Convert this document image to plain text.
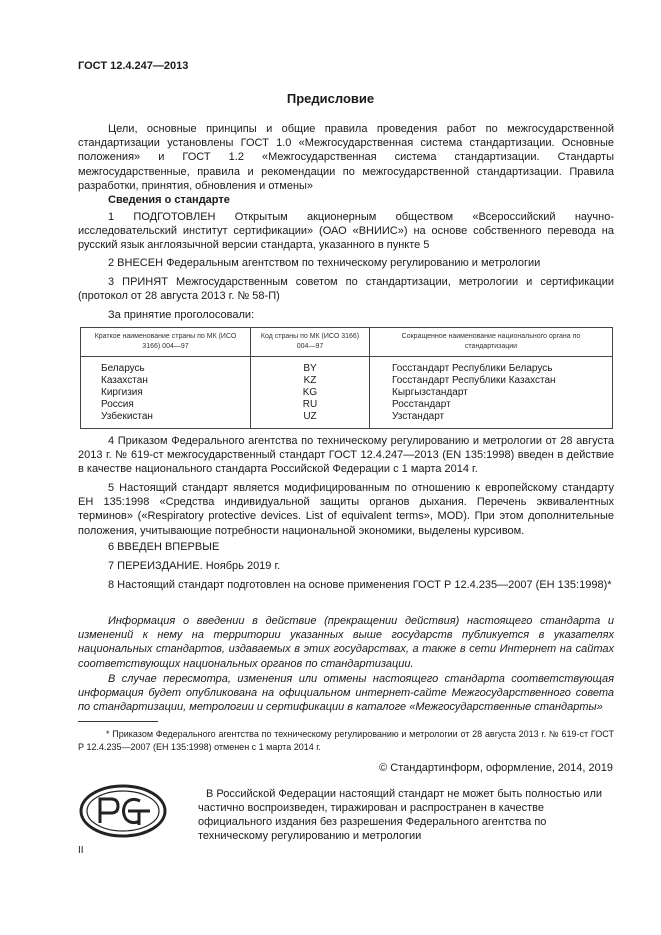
ГОСТ 12.4.247—2013
Предисловие
Цели, основные принципы и общие правила проведения работ по межгосударственной стандартизации установлены ГОСТ 1.0 «Межгосударственная система стандартизации. Основные положения» и ГОСТ 1.2 «Межгосударственная система стандартизации. Стандарты межгосударственные, правила и рекомендации по межгосударственной стандартизации. Правила разработки, принятия, обновления и отмены»
Сведения о стандарте
1 ПОДГОТОВЛЕН Открытым акционерным обществом «Всероссийский научно-исследовательский институт сертификации» (ОАО «ВНИИС») на основе собственного перевода на русский язык англоязычной версии стандарта, указанного в пункте 5
2 ВНЕСЕН Федеральным агентством по техническому регулированию и метрологии
3 ПРИНЯТ Межгосударственным советом по стандартизации, метрологии и сертификации (протокол от 28 августа 2013 г. № 58-П)
За принятие проголосовали:
Краткое наименование страны по МК (ИСО 3166) 004—97	Код страны по МК (ИСО 3166) 004—97	Сокращенное наименование национального органа по стандартизации
Беларусь	BY	Госстандарт Республики Беларусь
Казахстан	KZ	Госстандарт Республики Казахстан
Киргизия	KG	Кыргызстандарт
Россия	RU	Росстандарт
Узбекистан	UZ	Узстандарт
4 Приказом Федерального агентства по техническому регулированию и метрологии от 28 августа 2013 г. № 619-ст межгосударственный стандарт ГОСТ 12.4.247—2013 (EN 135:1998) введен в действие в качестве национального стандарта Российской Федерации с 1 марта 2014 г.
5 Настоящий стандарт является модифицированным по отношению к европейскому стандарту ЕН 135:1998 «Средства индивидуальной защиты органов дыхания. Перечень эквивалентных терминов» («Respiratory protective devices. List of equivalent terms», MOD). При этом дополнительные положения, учитывающие потребности национальной экономики, выделены курсивом.
6 ВВЕДЕН ВПЕРВЫЕ
7 ПЕРЕИЗДАНИЕ. Ноябрь 2019 г.
8 Настоящий стандарт подготовлен на основе применения ГОСТ Р 12.4.235—2007 (ЕН 135:1998)*
Информация о введении в действие (прекращении действия) настоящего стандарта и изменений к нему на территории указанных выше государств публикуется в указателях национальных стандартов, издаваемых в этих государствах, а также в сети Интернет на сайтах соответствующих национальных органов по стандартизации.
В случае пересмотра, изменения или отмены настоящего стандарта соответствующая информация будет опубликована на официальном интернет-сайте Межгосударственного совета по стандартизации, метрологии и сертификации в каталоге «Межгосударственные стандарты»
* Приказом Федерального агентства по техническому регулированию и метрологии от 28 августа 2013 г. № 619-ст ГОСТ Р 12.4.235—2007 (ЕН 135:1998) отменен с 1 марта 2014 г.
© Стандартинформ, оформление, 2014, 2019
В Российской Федерации настоящий стандарт не может быть полностью или частично воспроизведен, тиражирован и распространен в качестве официального издания без разрешения Федерального агентства по техническому регулированию и метрологии
II
